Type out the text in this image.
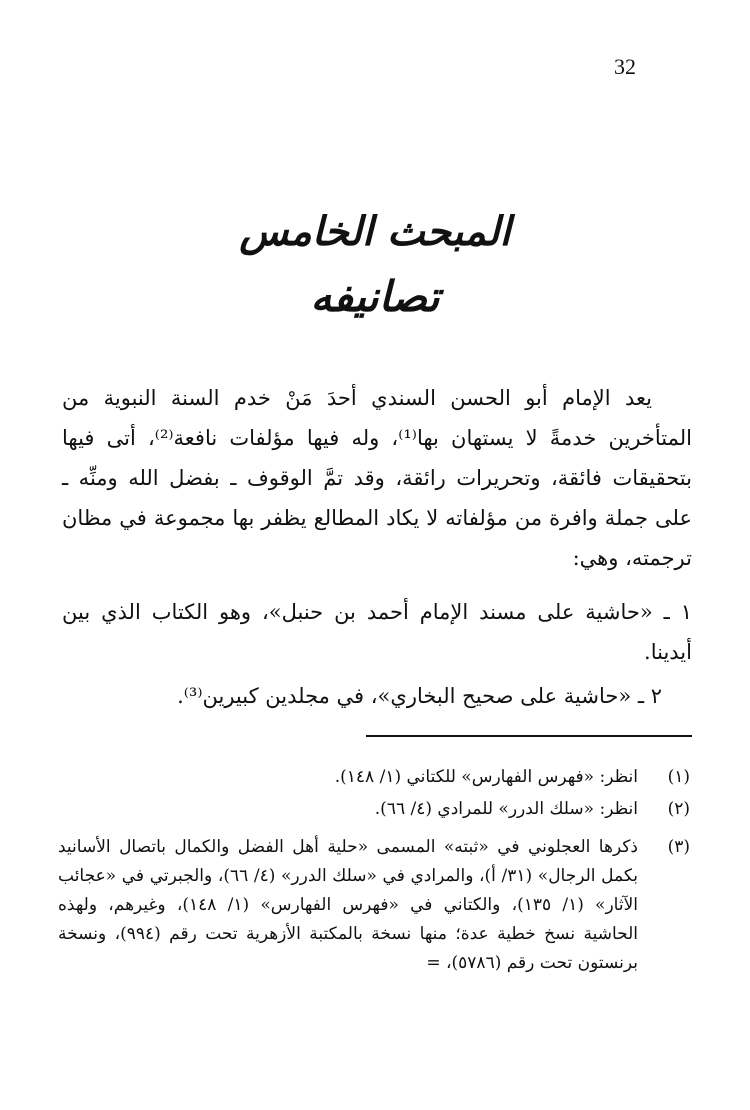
32
المبحث الخامس
تصانيفه
يعد الإمام أبو الحسن السندي أحدَ مَنْ خدم السنة النبوية من المتأخرين خدمةً لا يستهان بها⁽¹⁾، وله فيها مؤلفات نافعة⁽²⁾، أتى فيها بتحقيقات فائقة، وتحريرات رائقة، وقد تمَّ الوقوف ـ بفضل الله ومنِّه ـ على جملة وافرة من مؤلفاته لا يكاد المطالع يظفر بها مجموعة في مظان ترجمته، وهي:
١ ـ «حاشية على مسند الإمام أحمد بن حنبل»، وهو الكتاب الذي بين أيدينا.
٢ ـ «حاشية على صحيح البخاري»، في مجلدين كبيرين⁽³⁾.
(١)
انظر: «فهرس الفهارس» للكتاني (١/ ١٤٨).
(٢)
انظر: «سلك الدرر» للمرادي (٤/ ٦٦).
(٣)
ذكرها العجلوني في «ثبته» المسمى «حلية أهل الفضل والكمال باتصال الأسانيد بكمل الرجال» (٣١/ أ)، والمرادي في «سلك الدرر» (٤/ ٦٦)، والجبرتي في «عجائب الآثار» (١/ ١٣٥)، والكتاني في «فهرس الفهارس» (١/ ١٤٨)، وغيرهم، ولهذه الحاشية نسخ خطية عدة؛ منها نسخة بالمكتبة الأزهرية تحت رقم (٩٩٤)، ونسخة برنستون تحت رقم (٥٧٨٦)، =
